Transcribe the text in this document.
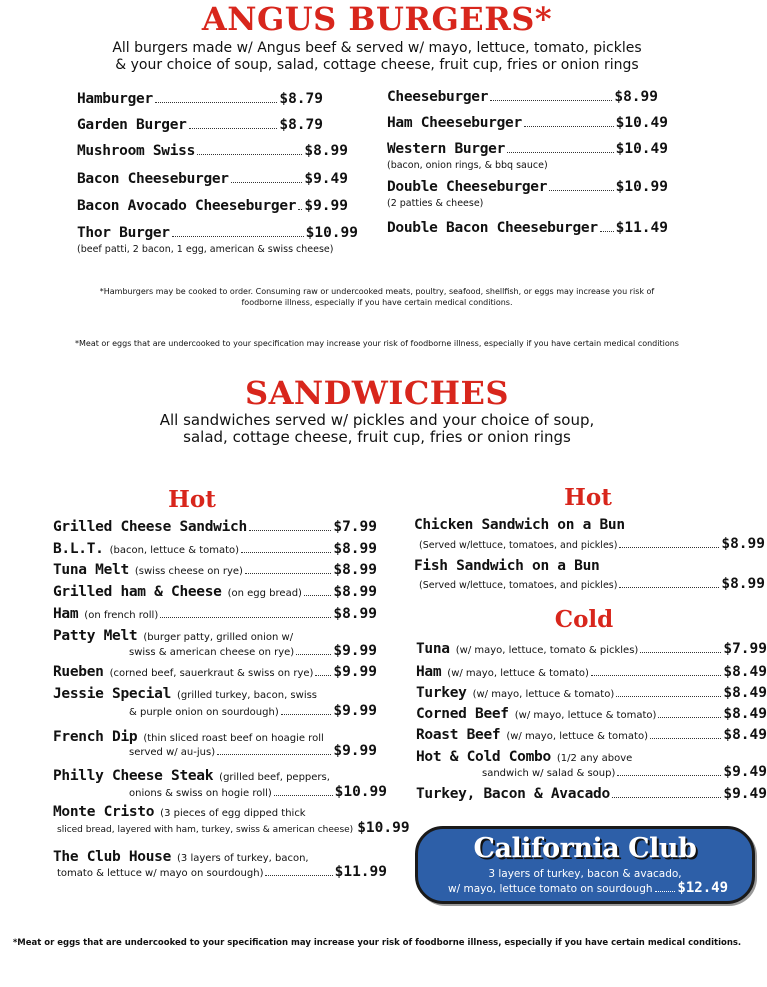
ANGUS BURGERS*
All burgers made w/ Angus beef & served w/ mayo, lettuce, tomato, pickles
& your choice of soup, salad, cottage cheese, fruit cup, fries or onion rings
Hamburger	$8.79
Garden Burger	$8.79
Mushroom Swiss	$8.99
Bacon Cheeseburger	$9.49
Bacon Avocado Cheeseburger $9.99
Thor Burger	$10.99
(beef patti, 2 bacon, 1 egg, american & swiss cheese)
Cheeseburger	$8.99
Ham Cheeseburger	$10.49
Western Burger	$10.49
(bacon, onion rings, & bbq sauce)
Double Cheeseburger	$10.99
(2 patties & cheese)
Double Bacon Cheeseburger $11.49
*Hamburgers may be cooked to order. Consuming raw or undercooked meats, poultry, seafood, shellfish, or eggs may increase you risk of
foodborne illness, especially if you have certain medical conditions.
*Meat or eggs that are undercooked to your specification may increase your risk of foodborne illness, especially if you have certain medical conditions
SANDWICHES
All sandwiches served w/ pickles and your choice of soup,
salad, cottage cheese, fruit cup, fries or onion rings
Hot	Hot
Grilled Cheese Sandwich	$7.99
B.L.T. (bacon, lettuce & tomato)	$8.99
Tuna Melt (swiss cheese on rye)	$8.99
Grilled ham & Cheese (on egg bread) $8.99
Ham (on french roll)	$8.99
Patty Melt (burger patty, grilled onion w/
swiss & american cheese on rye)	$9.99
Rueben (corned beef, sauerkraut & swiss on rye) $9.99
Jessie Special (grilled turkey, bacon, swiss
& purple onion on sourdough)	$9.99
French Dip (thin sliced roast beef on hoagie roll
served w/ au-jus)	$9.99
Philly Cheese Steak (grilled beef, peppers,
onions & swiss on hogie roll)	$10.99
Monte Cristo (3 pieces of egg dipped thick
sliced bread, layered with ham, turkey, swiss & american cheese) $10.99
The Club House (3 layers of turkey, bacon,
tomato & lettuce w/ mayo on sourdough)	$11.99
Chicken Sandwich on a Bun
(Served w/lettuce, tomatoes, and pickles)	$8.99
Fish Sandwich on a Bun
(Served w/lettuce, tomatoes, and pickles)	$8.99
Cold
Tuna (w/ mayo, lettuce, tomato & pickles)	$7.99
Ham (w/ mayo, lettuce & tomato)	$8.49
Turkey (w/ mayo, lettuce & tomato)	$8.49
Corned Beef (w/ mayo, lettuce & tomato)	$8.49
Roast Beef (w/ mayo, lettuce & tomato)	$8.49
Hot & Cold Combo (1/2 any above
sandwich w/ salad & soup)	$9.49
Turkey, Bacon & Avacado	$9.49
California Club
3 layers of turkey, bacon & avacado,
w/ mayo, lettuce tomato on sourdough $12.49
*Meat or eggs that are undercooked to your specification may increase your risk of foodborne illness, especially if you have certain medical conditions.
